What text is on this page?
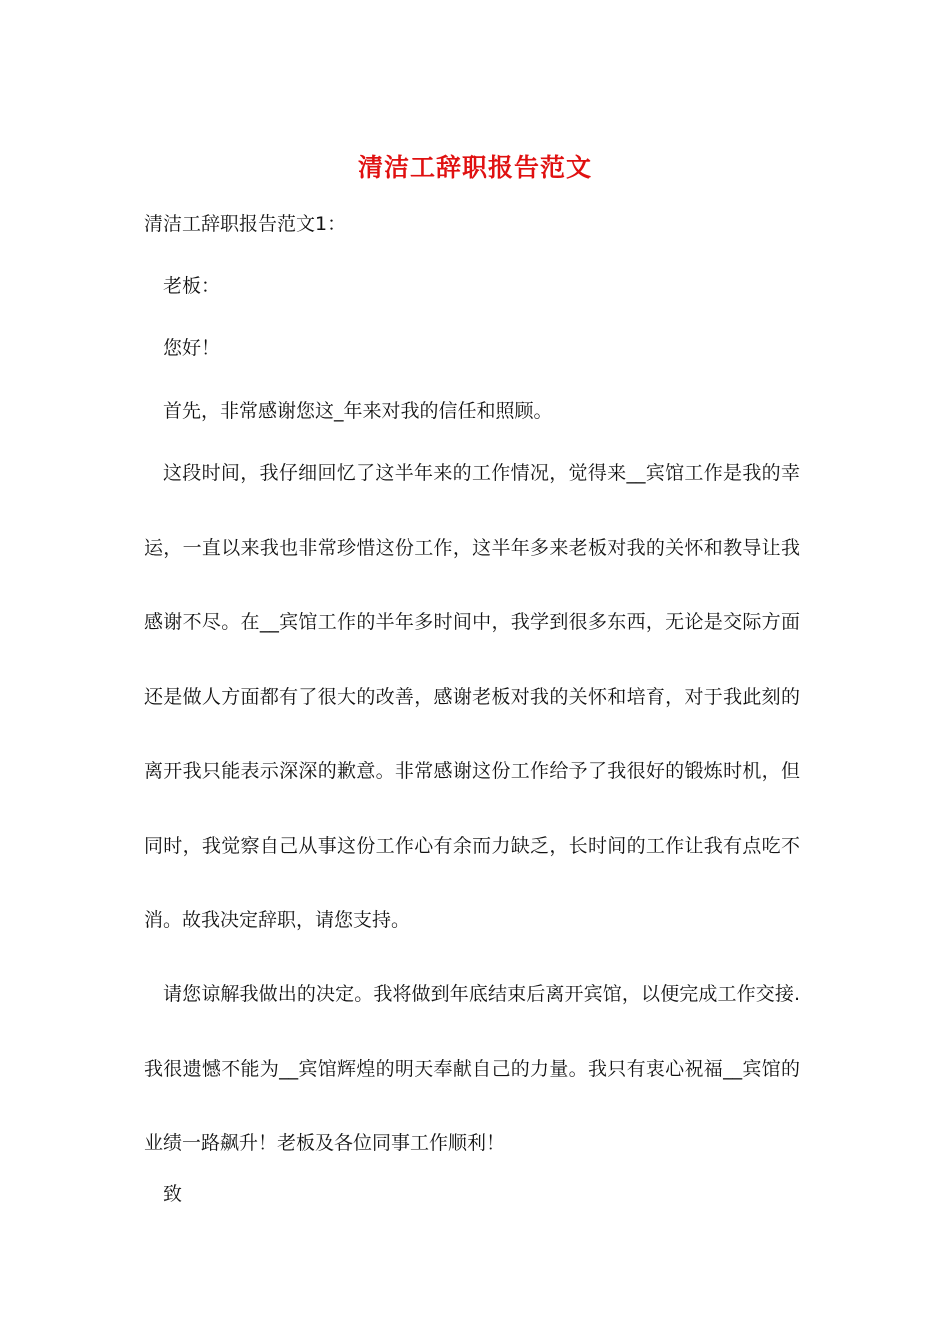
清洁工辞职报告范文

清洁工辞职报告范文1：

老板：

您好！

首先，非常感谢您这_年来对我的信任和照顾。

这段时间，我仔细回忆了这半年来的工作情况，觉得来__宾馆工作是我的幸运，一直以来我也非常珍惜这份工作，这半年多来老板对我的关怀和教导让我感谢不尽。在__宾馆工作的半年多时间中，我学到很多东西，无论是交际方面还是做人方面都有了很大的改善，感谢老板对我的关怀和培育，对于我此刻的离开我只能表示深深的歉意。非常感谢这份工作给予了我很好的锻炼时机，但同时，我觉察自己从事这份工作心有余而力缺乏，长时间的工作让我有点吃不消。故我决定辞职，请您支持。

请您谅解我做出的决定。我将做到年底结束后离开宾馆，以便完成工作交接.我很遗憾不能为__宾馆辉煌的明天奉献自己的力量。我只有衷心祝福__宾馆的业绩一路飙升！老板及各位同事工作顺利！

致
